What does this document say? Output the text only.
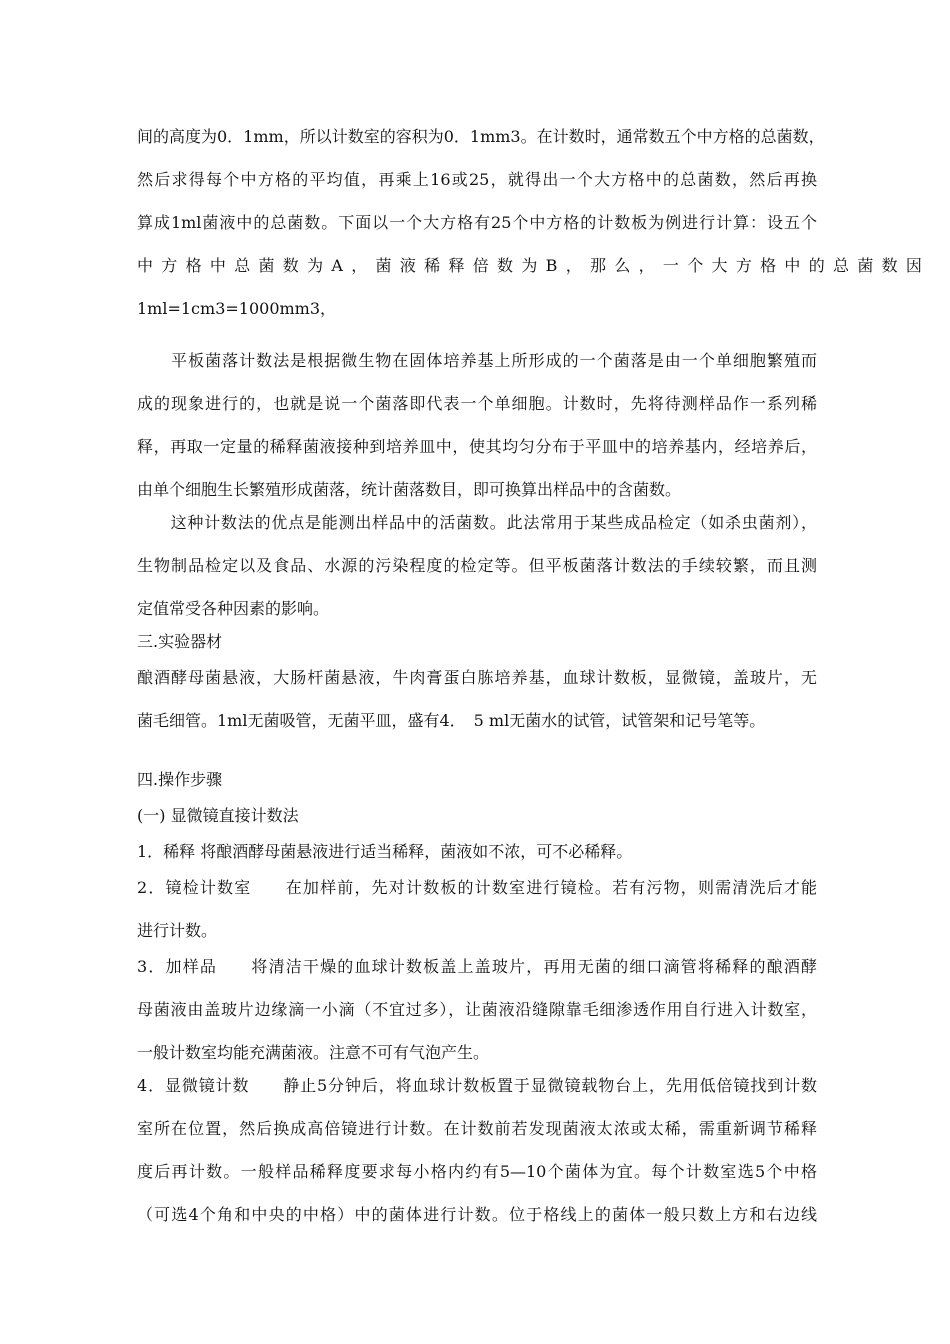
间的高度为0．1mm，所以计数室的容积为0．1mm3。在计数时，通常数五个中方格的总菌数，
然后求得每个中方格的平均值，再乘上16或25，就得出一个大方格中的总菌数，然后再换
算成1ml菌液中的总菌数。下面以一个大方格有25个中方格的计数板为例进行计算：设五个
中方格中总菌数为A，菌液稀释倍数为B，那么，一个大方格中的总菌数因
1ml=1cm3=1000mm3，
　　平板菌落计数法是根据微生物在固体培养基上所形成的一个菌落是由一个单细胞繁殖而
成的现象进行的，也就是说一个菌落即代表一个单细胞。计数时，先将待测样品作一系列稀
释，再取一定量的稀释菌液接种到培养皿中，使其均匀分布于平皿中的培养基内，经培养后，
由单个细胞生长繁殖形成菌落，统计菌落数目，即可换算出样品中的含菌数。
　　这种计数法的优点是能测出样品中的活菌数。此法常用于某些成品检定（如杀虫菌剂），
生物制品检定以及食品、水源的污染程度的检定等。但平板菌落计数法的手续较繁，而且测
定值常受各种因素的影响。
三.实验器材
酿酒酵母菌悬液，大肠杆菌悬液，牛肉膏蛋白胨培养基，血球计数板，显微镜，盖玻片，无
菌毛细管。1ml无菌吸管，无菌平皿，盛有4．　5 ml无菌水的试管，试管架和记号笔等。
四.操作步骤
(一) 显微镜直接计数法
1．稀释 将酿酒酵母菌悬液进行适当稀释，菌液如不浓，可不必稀释。
2．镜检计数室　　在加样前，先对计数板的计数室进行镜检。若有污物，则需清洗后才能
进行计数。
3．加样品　　将清洁干燥的血球计数板盖上盖玻片，再用无菌的细口滴管将稀释的酿酒酵
母菌液由盖玻片边缘滴一小滴（不宜过多），让菌液沿缝隙靠毛细渗透作用自行进入计数室，
一般计数室均能充满菌液。注意不可有气泡产生。
4．显微镜计数　　静止5分钟后，将血球计数板置于显微镜载物台上，先用低倍镜找到计数
室所在位置，然后换成高倍镜进行计数。在计数前若发现菌液太浓或太稀，需重新调节稀释
度后再计数。一般样品稀释度要求每小格内约有5—10个菌体为宜。每个计数室选5个中格
（可选4个角和中央的中格）中的菌体进行计数。位于格线上的菌体一般只数上方和右边线
